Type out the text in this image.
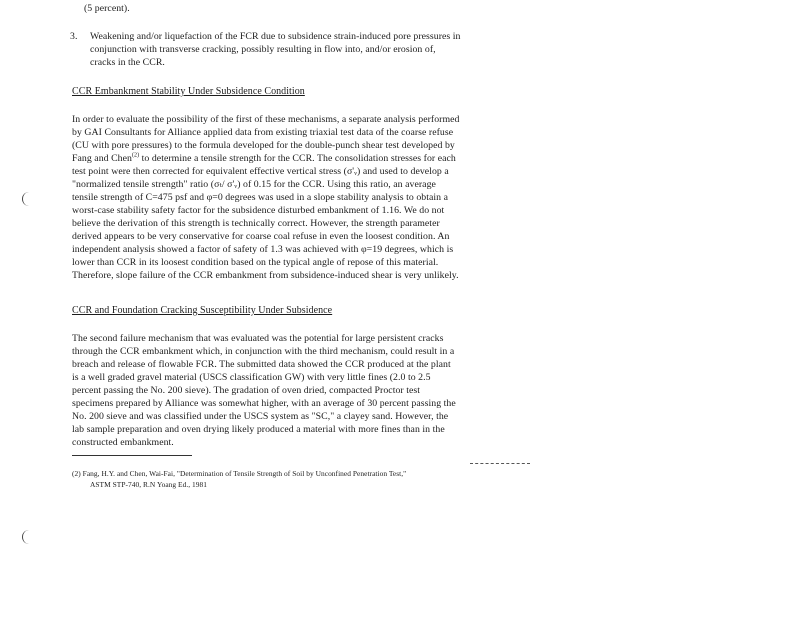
(5 percent).
3. Weakening and/or liquefaction of the FCR due to subsidence strain-induced pore pressures in
conjunction with transverse cracking, possibly resulting in flow into, and/or erosion of,
cracks in the CCR.
CCR Embankment Stability Under Subsidence Condition
In order to evaluate the possibility of the first of these mechanisms, a separate analysis performed
by GAI Consultants for Alliance applied data from existing triaxial test data of the coarse refuse
(CU with pore pressures) to the formula developed for the double-punch shear test developed by
Fang and Chen$^{(2)}$ to determine a tensile strength for the CCR. The consolidation stresses for each
test point were then corrected for equivalent effective vertical stress (σ'ᵥ) and used to develop a
"normalized tensile strength" ratio (σₜ/ σ'ᵥ) of 0.15 for the CCR. Using this ratio, an average
tensile strength of C=475 psf and φ=0 degrees was used in a slope stability analysis to obtain a
worst-case stability safety factor for the subsidence disturbed embankment of 1.16. We do not
believe the derivation of this strength is technically correct. However, the strength parameter
derived appears to be very conservative for coarse coal refuse in even the loosest condition. An
independent analysis showed a factor of safety of 1.3 was achieved with φ=19 degrees, which is
lower than CCR in its loosest condition based on the typical angle of repose of this material.
Therefore, slope failure of the CCR embankment from subsidence-induced shear is very unlikely.
CCR and Foundation Cracking Susceptibility Under Subsidence
The second failure mechanism that was evaluated was the potential for large persistent cracks
through the CCR embankment which, in conjunction with the third mechanism, could result in a
breach and release of flowable FCR. The submitted data showed the CCR produced at the plant
is a well graded gravel material (USCS classification GW) with very little fines (2.0 to 2.5
percent passing the No. 200 sieve). The gradation of oven dried, compacted Proctor test
specimens prepared by Alliance was somewhat higher, with an average of 30 percent passing the
No. 200 sieve and was classified under the USCS system as "SC," a clayey sand. However, the
lab sample preparation and oven drying likely produced a material with more fines than in the
constructed embankment.
(2) Fang, H.Y. and Chen, Wai-Fai, "Determination of Tensile Strength of Soil by Unconfined Penetration Test,"
ASTM STP-740, R.N Yoang Ed., 1981
